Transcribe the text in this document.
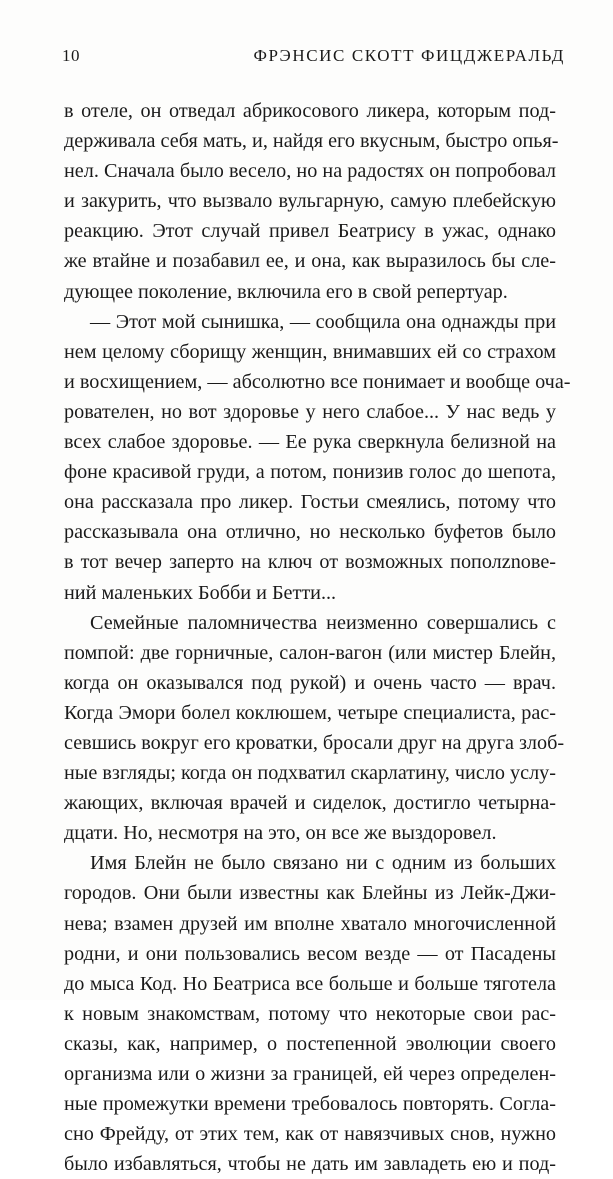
10	ФРЭНСИС СКОТТ ФИЦДЖЕРАЛЬД
в отеле, он отведал абрикосового ликера, которым под-
держивала себя мать, и, найдя его вкусным, быстро опья-
нел. Сначала было весело, но на радостях он попробовал
и закурить, что вызвало вульгарную, самую плебейскую
реакцию. Этот случай привел Беатрису в ужас, однако
же втайне и позабавил ее, и она, как выразилось бы сле-
дующее поколение, включила его в свой репертуар.
— Этот мой сынишка, — сообщила она однажды при
нем целому сборищу женщин, внимавших ей со страхом
и восхищением, — абсолютно все понимает и вообще оча-
рователен, но вот здоровье у него слабое... У нас ведь у
всех слабое здоровье. — Ее рука сверкнула белизной на
фоне красивой груди, а потом, понизив голос до шепота,
она рассказала про ликер. Гостьи смеялись, потому что
рассказывала она отлично, но несколько буфетов было
в тот вечер заперто на ключ от возможных пополznове-
ний маленьких Бобби и Бетти...
Семейные паломничества неизменно совершались с
помпой: две горничные, салон-вагон (или мистер Блейн,
когда он оказывался под рукой) и очень часто — врач.
Когда Эмори болел коклюшем, четыре специалиста, рас-
севшись вокруг его кроватки, бросали друг на друга злоб-
ные взгляды; когда он подхватил скарлатину, число услу-
жающих, включая врачей и сиделок, достигло четырна-
дцати. Но, несмотря на это, он все же выздоровел.
Имя Блейн не было связано ни с одним из больших
городов. Они были известны как Блейны из Лейк-Джи-
нева; взамен друзей им вполне хватало многочисленной
родни, и они пользовались весом везде — от Пасадены
до мыса Код. Но Беатриса все больше и больше тяготела
к новым знакомствам, потому что некоторые свои рас-
сказы, как, например, о постепенной эволюции своего
организма или о жизни за границей, ей через определен-
ные промежутки времени требовалось повторять. Согла-
сно Фрейду, от этих тем, как от навязчивых снов, нужно
было избавляться, чтобы не дать им завладеть ею и под-
